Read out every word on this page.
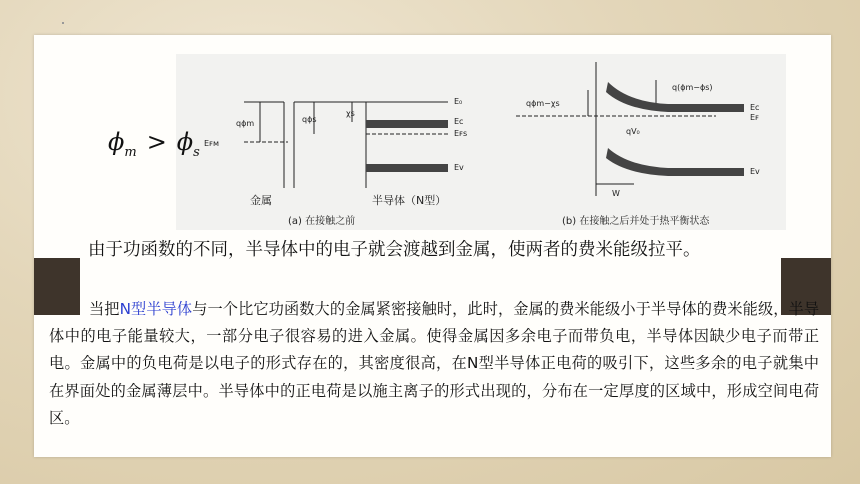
E₀
Eᴄ
Eꜰs
Eᴠ
Eꜰᴍ
qϕm	qϕs
χs
金属	半导体（N型）
(a) 在接触之前
q(ϕm−ϕs)
qϕm−χs
qV₀
Eᴄ
Eꜰ
Eᴠ
W
(b) 在接触之后并处于热平衡状态
$\phi_m > \phi_s$
由于功函数的不同，半导体中的电子就会渡越到金属，使两者的费米能级拉平。
当把N型半导体与一个比它功函数大的金属紧密接触时，此时，金属的费米能级小于半导体的费米能级，半导体中的电子能量较大，一部分电子很容易的进入金属。使得金属因多余电子而带负电，半导体因缺少电子而带正电。金属中的负电荷是以电子的形式存在的，其密度很高，在N型半导体正电荷的吸引下，这些多余的电子就集中在界面处的金属薄层中。半导体中的正电荷是以施主离子的形式出现的，分布在一定厚度的区域中，形成空间电荷区。
